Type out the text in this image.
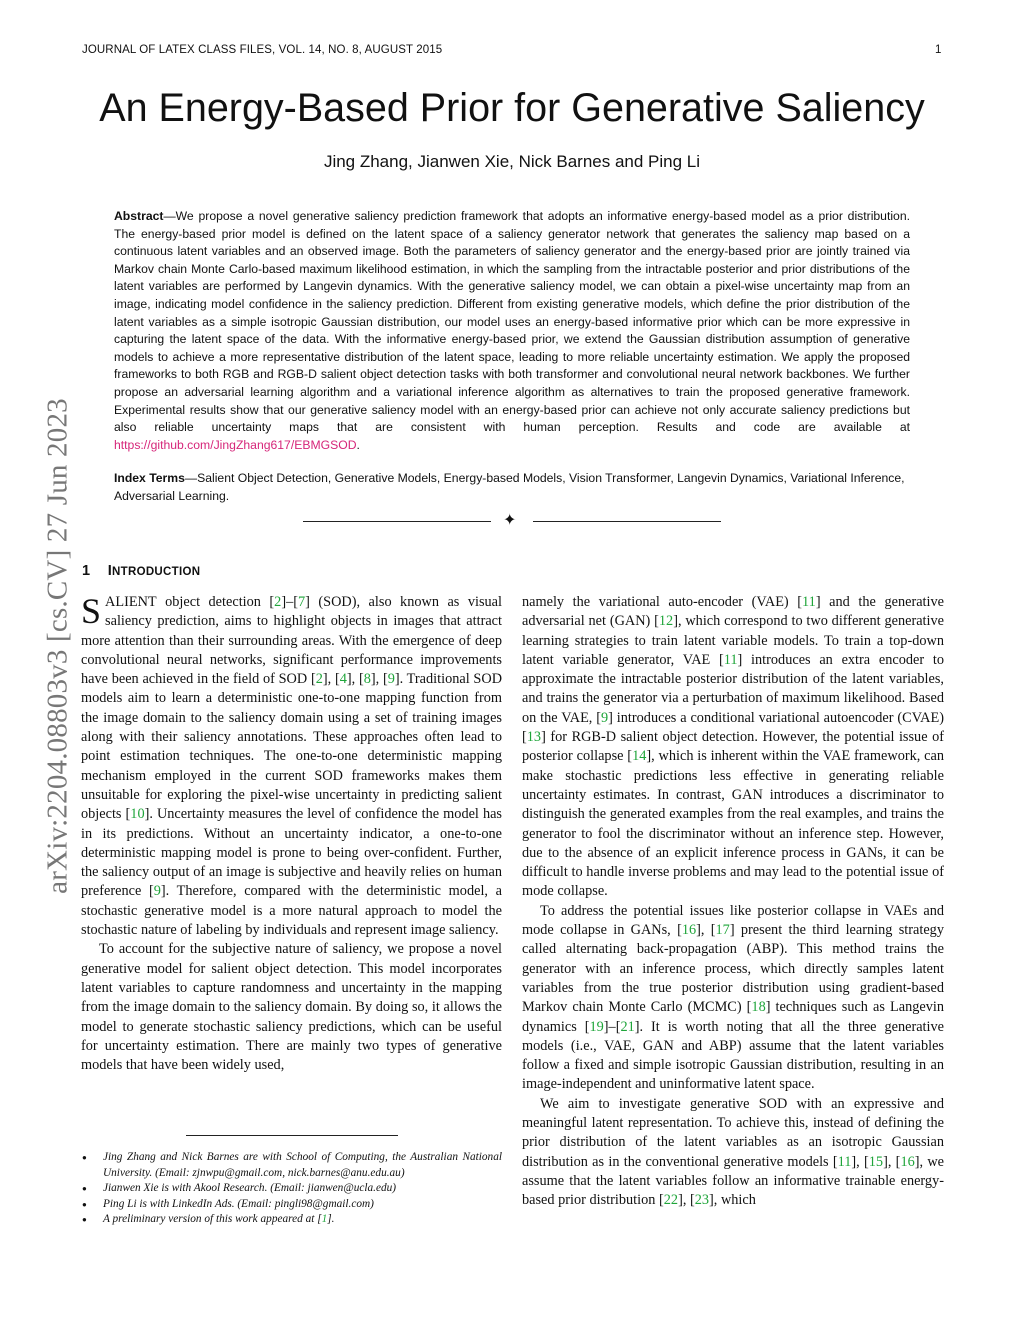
JOURNAL OF LATEX CLASS FILES, VOL. 14, NO. 8, AUGUST 2015	1
An Energy-Based Prior for Generative Saliency
Jing Zhang, Jianwen Xie, Nick Barnes and Ping Li
Abstract—We propose a novel generative saliency prediction framework that adopts an informative energy-based model as a prior distribution. The energy-based prior model is defined on the latent space of a saliency generator network that generates the saliency map based on a continuous latent variables and an observed image. Both the parameters of saliency generator and the energy-based prior are jointly trained via Markov chain Monte Carlo-based maximum likelihood estimation, in which the sampling from the intractable posterior and prior distributions of the latent variables are performed by Langevin dynamics. With the generative saliency model, we can obtain a pixel-wise uncertainty map from an image, indicating model confidence in the saliency prediction. Different from existing generative models, which define the prior distribution of the latent variables as a simple isotropic Gaussian distribution, our model uses an energy-based informative prior which can be more expressive in capturing the latent space of the data. With the informative energy-based prior, we extend the Gaussian distribution assumption of generative models to achieve a more representative distribution of the latent space, leading to more reliable uncertainty estimation. We apply the proposed frameworks to both RGB and RGB-D salient object detection tasks with both transformer and convolutional neural network backbones. We further propose an adversarial learning algorithm and a variational inference algorithm as alternatives to train the proposed generative framework. Experimental results show that our generative saliency model with an energy-based prior can achieve not only accurate saliency predictions but also reliable uncertainty maps that are consistent with human perception. Results and code are available at https://github.com/JingZhang617/EBMGSOD.
Index Terms—Salient Object Detection, Generative Models, Energy-based Models, Vision Transformer, Langevin Dynamics, Variational Inference, Adversarial Learning.
✦
arXiv:2204.08803v3 [cs.CV] 27 Jun 2023 1 INTRODUCTION

SALIENT object detection [2]–[7] (SOD), also known as visual saliency prediction, aims to highlight objects in images that attract more attention than their surrounding areas. With the emergence of deep convolutional neural networks, significant performance improvements have been achieved in the field of SOD [2], [4], [8], [9]. Traditional SOD models aim to learn a deterministic one-to-one mapping function from the image domain to the saliency domain using a set of training images along with their saliency annotations. These approaches often lead to point estimation techniques. The one-to-one deterministic mapping mechanism employed in the current SOD frameworks makes them unsuitable for exploring the pixel-wise uncertainty in predicting salient objects [10]. Uncertainty measures the level of confidence the model has in its predictions. Without an uncertainty indicator, a one-to-one deterministic mapping model is prone to being over-confident. Further, the saliency output of an image is subjective and heavily relies on human preference [9]. Therefore, compared with the deterministic model, a stochastic generative model is a more natural approach to model the stochastic nature of labeling by individuals and represent image saliency.

To account for the subjective nature of saliency, we propose a novel generative model for salient object detection. This model incorporates latent variables to capture randomness and uncertainty in the mapping from the image domain to the saliency domain. By doing so, it allows the model to generate stochastic saliency predictions, which can be useful for uncertainty estimation. There are mainly two types of generative models that have been widely used,

● Jing Zhang and Nick Barnes are with School of Computing, the Australian National University. (Email: zjnwpu@gmail.com, nick.barnes@anu.edu.au)
● Jianwen Xie is with Akool Research. (Email: jianwen@ucla.edu)
● Ping Li is with LinkedIn Ads. (Email: pingli98@gmail.com)
● A preliminary version of this work appeared at [1].

namely the variational auto-encoder (VAE) [11] and the generative adversarial net (GAN) [12], which correspond to two different generative learning strategies to train latent variable models. To train a top-down latent variable generator, VAE [11] introduces an extra encoder to approximate the intractable posterior distribution of the latent variables, and trains the generator via a perturbation of maximum likelihood. Based on the VAE, [9] introduces a conditional variational autoencoder (CVAE) [13] for RGB-D salient object detection. However, the potential issue of posterior collapse [14], which is inherent within the VAE framework, can make stochastic predictions less effective in generating reliable uncertainty estimates. In contrast, GAN introduces a discriminator to distinguish the generated examples from the real examples, and trains the generator to fool the discriminator without an inference step. However, due to the absence of an explicit inference process in GANs, it can be difficult to handle inverse problems and may lead to the potential issue of mode collapse.

To address the potential issues like posterior collapse in VAEs and mode collapse in GANs, [16], [17] present the third learning strategy called alternating back-propagation (ABP). This method trains the generator with an inference process, which directly samples latent variables from the true posterior distribution using gradient-based Markov chain Monte Carlo (MCMC) [18] techniques such as Langevin dynamics [19]–[21]. It is worth noting that all the three generative models (i.e., VAE, GAN and ABP) assume that the latent variables follow a fixed and simple isotropic Gaussian distribution, resulting in an image-independent and uninformative latent space.

We aim to investigate generative SOD with an expressive and meaningful latent representation. To achieve this, instead of defining the prior distribution of the latent variables as an isotropic Gaussian distribution as in the conventional generative models [11], [15], [16], we assume that the latent variables follow an informative trainable energy-based prior distribution [22], [23], which
